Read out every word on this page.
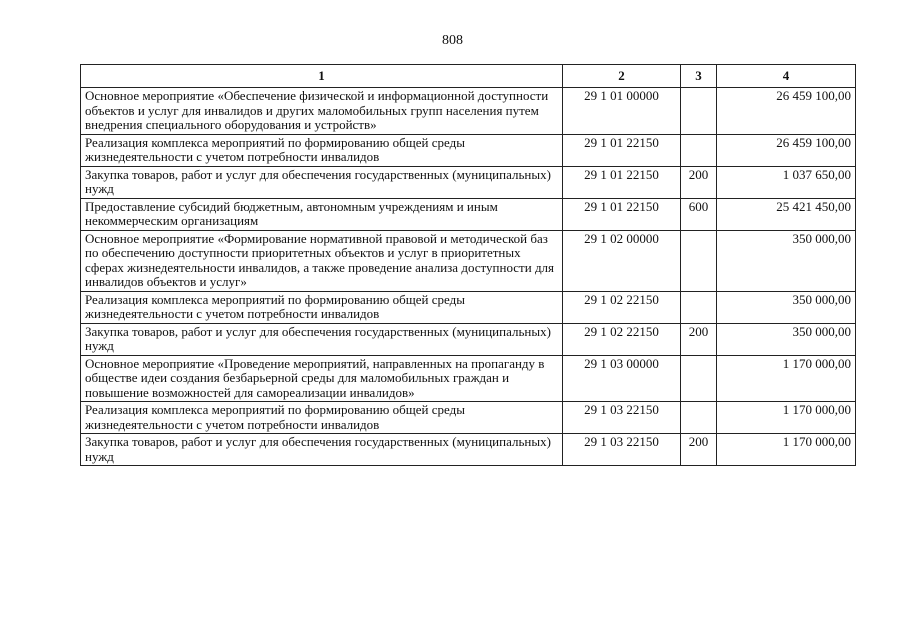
808
1	2	3	4
Основное мероприятие «Обеспечение физической и информационной доступности объектов и услуг для инвалидов и других маломобильных групп населения путем внедрения специального оборудования и устройств»	29 1 01 00000		26 459 100,00
Реализация комплекса мероприятий по формированию общей среды жизнедеятельности с учетом потребности инвалидов	29 1 01 22150		26 459 100,00
Закупка товаров, работ и услуг для обеспечения государственных (муниципальных) нужд	29 1 01 22150	200	1 037 650,00
Предоставление субсидий бюджетным, автономным учреждениям и иным некоммерческим организациям	29 1 01 22150	600	25 421 450,00
Основное мероприятие «Формирование нормативной правовой и методической баз по обеспечению доступности приоритетных объектов и услуг в приоритетных сферах жизнедеятельности инвалидов, а также проведение анализа доступности для инвалидов объектов и услуг»	29 1 02 00000		350 000,00
Реализация комплекса мероприятий по формированию общей среды жизнедеятельности с учетом потребности инвалидов	29 1 02 22150		350 000,00
Закупка товаров, работ и услуг для обеспечения государственных (муниципальных) нужд	29 1 02 22150	200	350 000,00
Основное мероприятие «Проведение мероприятий, направленных на пропаганду в обществе идеи создания безбарьерной среды для маломобильных граждан и повышение возможностей для самореализации инвалидов»	29 1 03 00000		1 170 000,00
Реализация комплекса мероприятий по формированию общей среды жизнедеятельности с учетом потребности инвалидов	29 1 03 22150		1 170 000,00
Закупка товаров, работ и услуг для обеспечения государственных (муниципальных) нужд	29 1 03 22150	200	1 170 000,00
